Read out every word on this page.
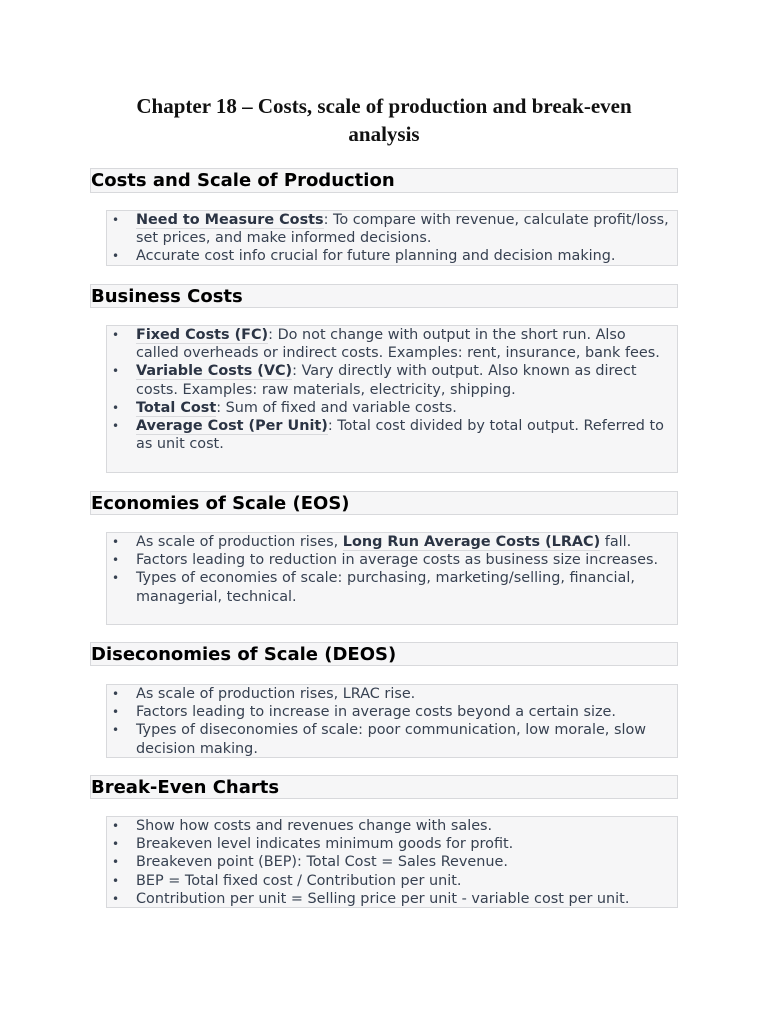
Chapter 18 – Costs, scale of production and break-even analysis
Costs and Scale of Production
• Need to Measure Costs: To compare with revenue, calculate profit/loss, set prices, and make informed decisions.
• Accurate cost info crucial for future planning and decision making.
Business Costs
• Fixed Costs (FC): Do not change with output in the short run. Also called overheads or indirect costs. Examples: rent, insurance, bank fees.
• Variable Costs (VC): Vary directly with output. Also known as direct costs. Examples: raw materials, electricity, shipping.
• Total Cost: Sum of fixed and variable costs.
• Average Cost (Per Unit): Total cost divided by total output. Referred to as unit cost.
Economies of Scale (EOS)
• As scale of production rises, Long Run Average Costs (LRAC) fall.
• Factors leading to reduction in average costs as business size increases.
• Types of economies of scale: purchasing, marketing/selling, financial, managerial, technical.
Diseconomies of Scale (DEOS)
• As scale of production rises, LRAC rise.
• Factors leading to increase in average costs beyond a certain size.
• Types of diseconomies of scale: poor communication, low morale, slow decision making.
Break-Even Charts
• Show how costs and revenues change with sales.
• Breakeven level indicates minimum goods for profit.
• Breakeven point (BEP): Total Cost = Sales Revenue.
• BEP = Total fixed cost / Contribution per unit.
• Contribution per unit = Selling price per unit - variable cost per unit.
